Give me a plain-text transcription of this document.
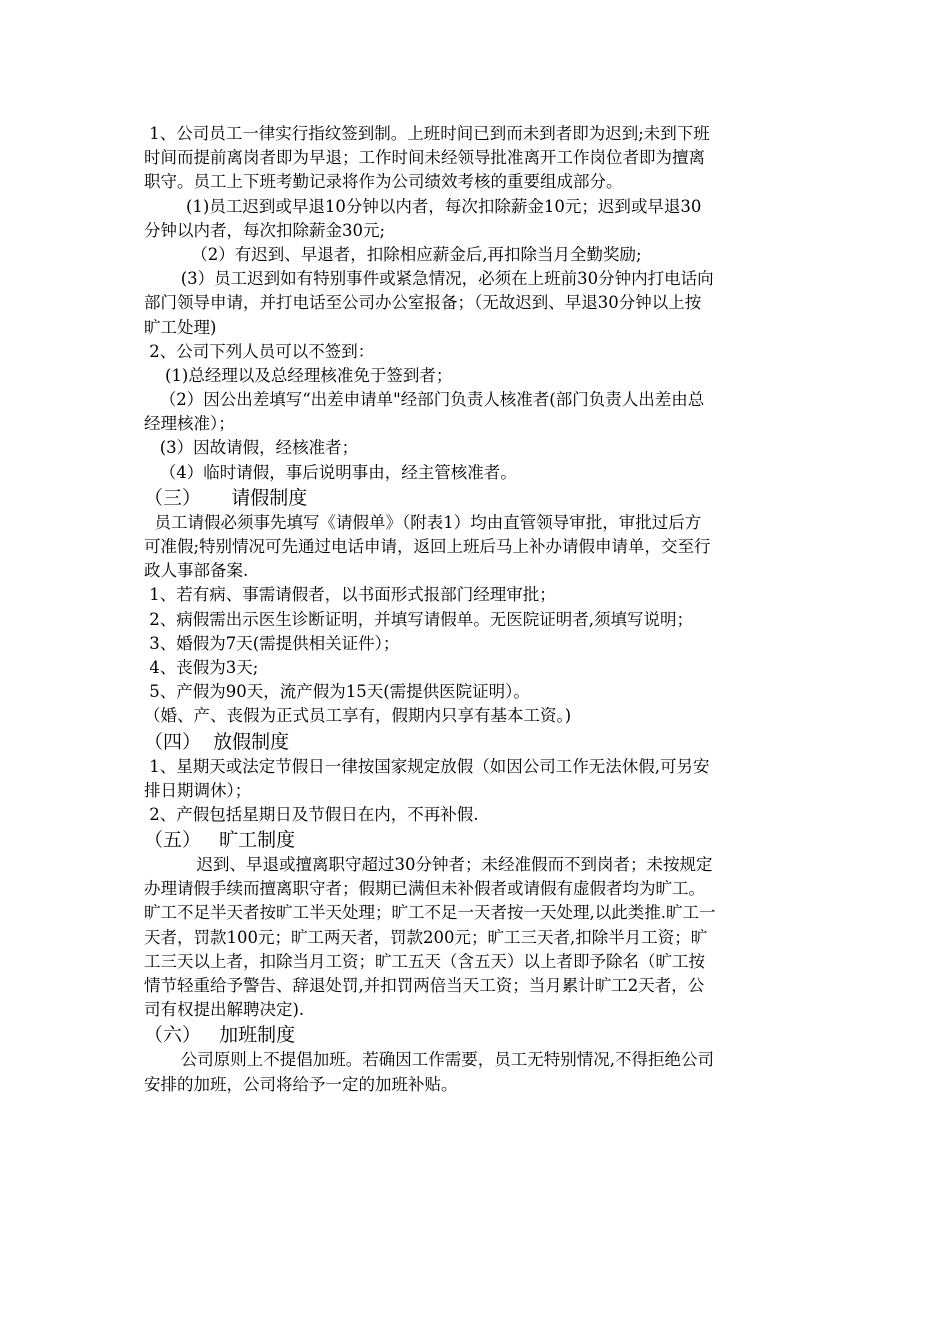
1、公司员工一律实行指纹签到制。上班时间已到而未到者即为迟到;未到下班
时间而提前离岗者即为早退；工作时间未经领导批准离开工作岗位者即为擅离
职守。员工上下班考勤记录将作为公司绩效考核的重要组成部分。
(1)员工迟到或早退10分钟以内者，每次扣除薪金10元；迟到或早退30
分钟以内者，每次扣除薪金30元;
（2）有迟到、早退者，扣除相应薪金后,再扣除当月全勤奖励;
(3）员工迟到如有特别事件或紧急情况，必须在上班前30分钟内打电话向
部门领导申请，并打电话至公司办公室报备；（无故迟到、早退30分钟以上按
旷工处理)
2、公司下列人员可以不签到：
(1)总经理以及总经理核准免于签到者；
（2）因公出差填写“出差申请单"经部门负责人核准者(部门负责人出差由总
经理核准）；
(3）因故请假，经核准者；
（4）临时请假，事后说明事由，经主管核准者。
（三）     请假制度
员工请假必须事先填写《请假单》（附表1）均由直管领导审批，审批过后方
可准假;特别情况可先通过电话申请，返回上班后马上补办请假申请单，交至行
政人事部备案.
1、若有病、事需请假者，以书面形式报部门经理审批；
2、病假需出示医生诊断证明，并填写请假单。无医院证明者,须填写说明；
3、婚假为7天(需提供相关证件）；
4、丧假为3天;
5、产假为90天，流产假为15天(需提供医院证明）。
（婚、产、丧假为正式员工享有，假期内只享有基本工资。)
（四）  放假制度
1、星期天或法定节假日一律按国家规定放假（如因公司工作无法休假,可另安
排日期调休）；
2、产假包括星期日及节假日在内，不再补假.
（五）   旷工制度
迟到、早退或擅离职守超过30分钟者；未经准假而不到岗者；未按规定
办理请假手续而擅离职守者；假期已满但未补假者或请假有虚假者均为旷工。
旷工不足半天者按旷工半天处理；旷工不足一天者按一天处理,以此类推.旷工一
天者，罚款100元；旷工两天者，罚款200元；旷工三天者,扣除半月工资；旷
工三天以上者，扣除当月工资；旷工五天（含五天）以上者即予除名（旷工按
情节轻重给予警告、辞退处罚,并扣罚两倍当天工资；当月累计旷工2天者，公
司有权提出解聘决定).
（六）   加班制度
公司原则上不提倡加班。若确因工作需要，员工无特别情况,不得拒绝公司
安排的加班，公司将给予一定的加班补贴。
